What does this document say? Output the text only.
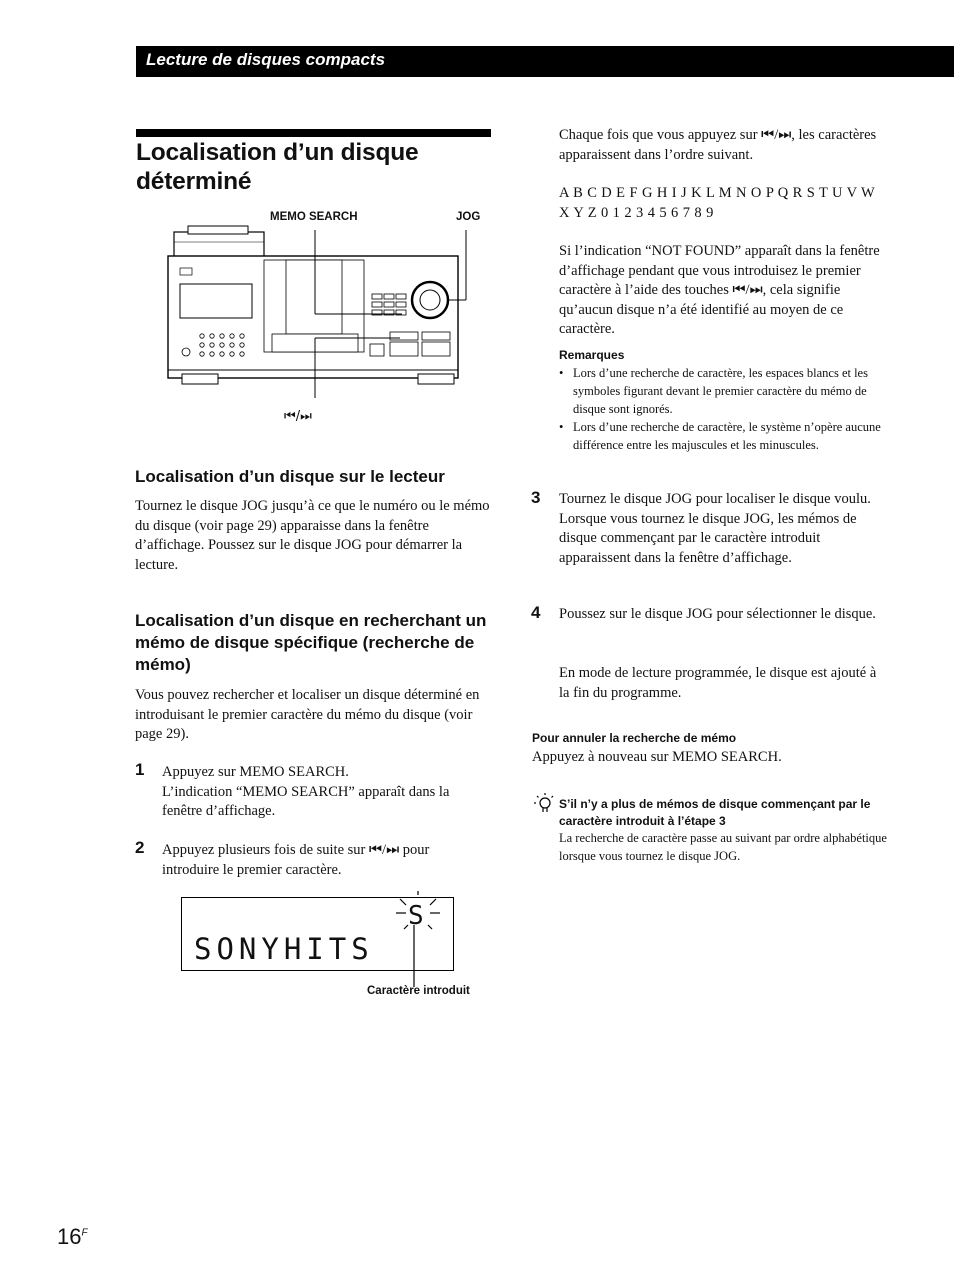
Lecture de disques compacts
Localisation d’un disque déterminé
MEMO SEARCH	JOG
⏮/⏭
Localisation d’un disque sur le lecteur
Tournez le disque JOG jusqu’à ce que le numéro ou le mémo du disque (voir page 29) apparaisse dans la fenêtre d’affichage. Poussez sur le disque JOG pour démarrer la lecture.
Localisation d’un disque en recherchant un mémo de disque spécifique (recherche de mémo)
Vous pouvez rechercher et localiser un disque déterminé en introduisant le premier caractère du mémo du disque (voir page 29).
1 Appuyez sur MEMO SEARCH.
L’indication “MEMO SEARCH” apparaît dans la fenêtre d’affichage.
2 Appuyez plusieurs fois de suite sur ⏮/⏭ pour introduire le premier caractère.
SONYHITS
S
Caractère introduit
Chaque fois que vous appuyez sur ⏮/⏭, les caractères apparaissent dans l’ordre suivant.
A B C D E F G H I J K L M N O P Q R S T U V W X Y Z 0 1 2 3 4 5 6 7 8 9
Si l’indication “NOT FOUND” apparaît dans la fenêtre d’affichage pendant que vous introduisez le premier caractère à l’aide des touches ⏮/⏭, cela signifie qu’aucun disque n’a été identifié au moyen de ce caractère.
Remarques
• Lors d’une recherche de caractère, les espaces blancs et les symboles figurant devant le premier caractère du mémo de disque sont ignorés.
• Lors d’une recherche de caractère, le système n’opère aucune différence entre les majuscules et les minuscules.
3 Tournez le disque JOG pour localiser le disque voulu.
Lorsque vous tournez le disque JOG, les mémos de disque commençant par le caractère introduit apparaissent dans la fenêtre d’affichage.
4 Poussez sur le disque JOG pour sélectionner le disque.
En mode de lecture programmée, le disque est ajouté à la fin du programme.
Pour annuler la recherche de mémo
Appuyez à nouveau sur MEMO SEARCH.
S’il n’y a plus de mémos de disque commençant par le caractère introduit à l’étape 3
La recherche de caractère passe au suivant par ordre alphabétique lorsque vous tournez le disque JOG.
$16^F$
